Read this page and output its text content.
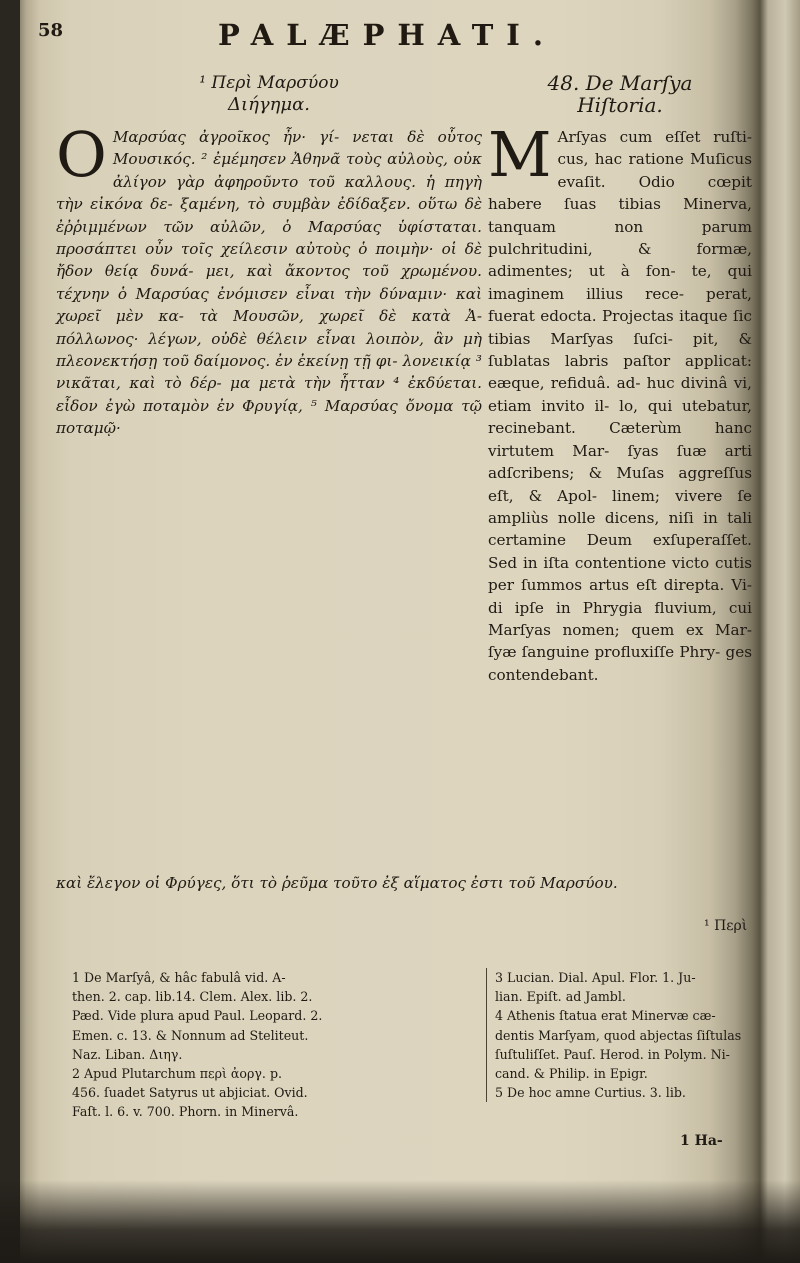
58	PALÆPHATI.

¹ Περὶ Μαρσύου

Διήγημα.

O Μαρσύας ἀγροῖκος ἦν· γί- νεται δὲ οὗτος Μουσικός. ² ἐμέμησεν Ἀθηνᾶ τοὺς αὐλοὺς, οὐκ ἀλίγον γὰρ ἀφηροῦντο τοῦ καλλους. ἡ πηγὴ τὴν εἰκόνα δε- ξαμένη, τὸ συμβὰν ἐδίδαξεν. οὕτω δὲ ἐῤῥιμμένων τῶν αὐλῶν, ὁ Μαρσύας ὑφίσταται. προσάπτει οὖν τοῖς χείλεσιν αὐτοὺς ὁ ποιμὴν· οἱ δὲ ἤδον θείᾳ δυνά- μει, καὶ ἄκοντος τοῦ χρωμένου. τέχνην ὁ Μαρσύας ἐνόμισεν εἶναι τὴν δύναμιν· καὶ χωρεῖ μὲν κα- τὰ Μουσῶν, χωρεῖ δὲ κατὰ Ἀ- πόλλωνος· λέγων, οὐδὲ θέλειν εἶναι λοιπὸν, ἂν μὴ πλεονεκτήσῃ τοῦ δαίμονος. ἐν ἐκείνῃ τῇ φι- λονεικίᾳ ³ νικᾶται, καὶ τὸ δέρ- μα μετὰ τὴν ἧτταν ⁴ ἐκδύεται. εἶδον ἐγὼ ποταμὸν ἐν Φρυγίᾳ, ⁵ Μαρσύας ὄνομα τῷ ποταμῷ·

48. De Marſya

Hiſtoria.

M Arſyas cum eſſet ruſti- cus, hac ratione Muſicus evaſit. Odio cœpit habere ſuas tibias Minerva, tanquam non parum pulchritudini, & formæ, adimentes; ut à fon- te, qui imaginem illius rece- perat, fuerat edocta. Projectas itaque ſic tibias Marſyas ſuſci- pit, & ſublatas labris paſtor applicat: eæque, refiduâ. ad- huc divinâ vi, etiam invito il- lo, qui utebatur, recinebant. Cæterùm hanc virtutem Mar- ſyas ſuæ arti adſcribens; & Muſas aggreſſus eſt, & Apol- linem; vivere ſe ampliùs nolle dicens, niſi in tali certamine Deum exſuperaſſet. Sed in iſta contentione victo cutis per ſummos artus eſt direpta. Vi- di ipſe in Phrygia fluvium, cui Marſyas nomen; quem ex Mar- ſyæ ſanguine profluxiſſe Phry- ges contendebant.

καὶ ἔλεγον οἱ Φρύγες, ὅτι τὸ ῥεῦμα τοῦτο ἐξ αἵματος ἐστι τοῦ Μαρσύου.
¹ Περὶ

1 De Marſyâ, & hâc fabulâ vid. A-

then. 2. cap. lib.14. Clem. Alex. lib. 2.

Pæd. Vide plura apud Paul. Leopard. 2.

Emen. c. 13. & Nonnum ad Steliteut.

Naz. Liban. Διηγ.

2 Apud Plutarchum περὶ ἀοργ. p.

456. ſuadet Satyrus ut abjiciat. Ovid.

Faſt. l. 6. v. 700. Phorn. in Minervâ.

3 Lucian. Dial. Apul. Flor. 1. Ju-

lian. Epiſt. ad Jambl.

4 Athenis ſtatua erat Minervæ cæ-

dentis Marſyam, quod abjectas ſiſtulas

ſuſtuliſſet. Pauſ. Herod. in Polym. Ni-

cand. & Philip. in Epigr.

5 De hoc amne Curtius. 3. lib.

1 Ha-
